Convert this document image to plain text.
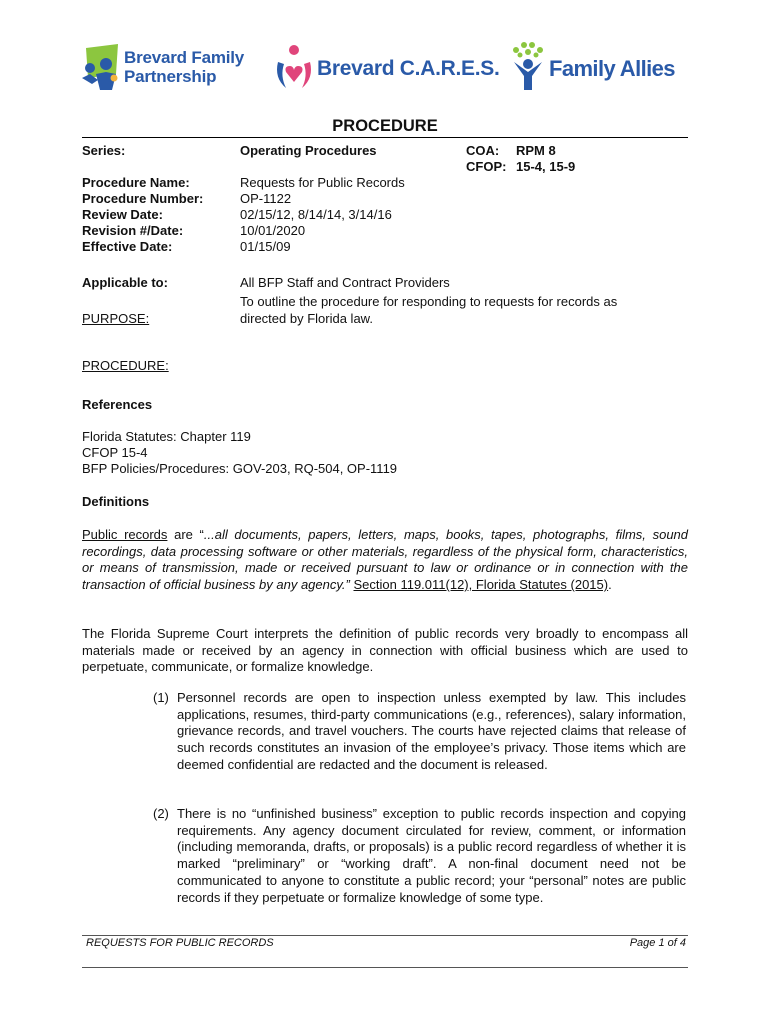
Brevard Family
Partnership	Brevard C.A.R.E.S. Family Allies
PROCEDURE
Series:	Operating Procedures	COA: RPM 8
CFOP: 15-4, 15-9
Procedure Name:	Requests for Public Records
Procedure Number:	OP-1122
Review Date:	02/15/12, 8/14/14, 3/14/16
Revision #/Date:	10/01/2020
Effective Date:	01/15/09
Applicable to:	All BFP Staff and Contract Providers
To outline the procedure for responding to requests for records as
PURPOSE:	directed by Florida law.
PROCEDURE:
References
Florida Statutes: Chapter 119
CFOP 15-4
BFP Policies/Procedures: GOV-203, RQ-504, OP-1119
Definitions
Public records are “...all documents, papers, letters, maps, books, tapes, photographs, films, sound recordings, data processing software or other materials, regardless of the physical form, characteristics, or means of transmission, made or received pursuant to law or ordinance or in connection with the transaction of official business by any agency.” Section 119.011(12), Florida Statutes (2015).
The Florida Supreme Court interprets the definition of public records very broadly to encompass all materials made or received by an agency in connection with official business which are used to perpetuate, communicate, or formalize knowledge.
(1) Personnel records are open to inspection unless exempted by law. This includes applications, resumes, third-party communications (e.g., references), salary information, grievance records, and travel vouchers. The courts have rejected claims that release of such records constitutes an invasion of the employee’s privacy. Those items which are deemed confidential are redacted and the document is released.
(2) There is no “unfinished business” exception to public records inspection and copying requirements. Any agency document circulated for review, comment, or information (including memoranda, drafts, or proposals) is a public record regardless of whether it is marked “preliminary” or “working draft”. A non-final document need not be communicated to anyone to constitute a public record; your “personal” notes are public records if they perpetuate or formalize knowledge of some type.
REQUESTS FOR PUBLIC RECORDS	Page 1 of 4
